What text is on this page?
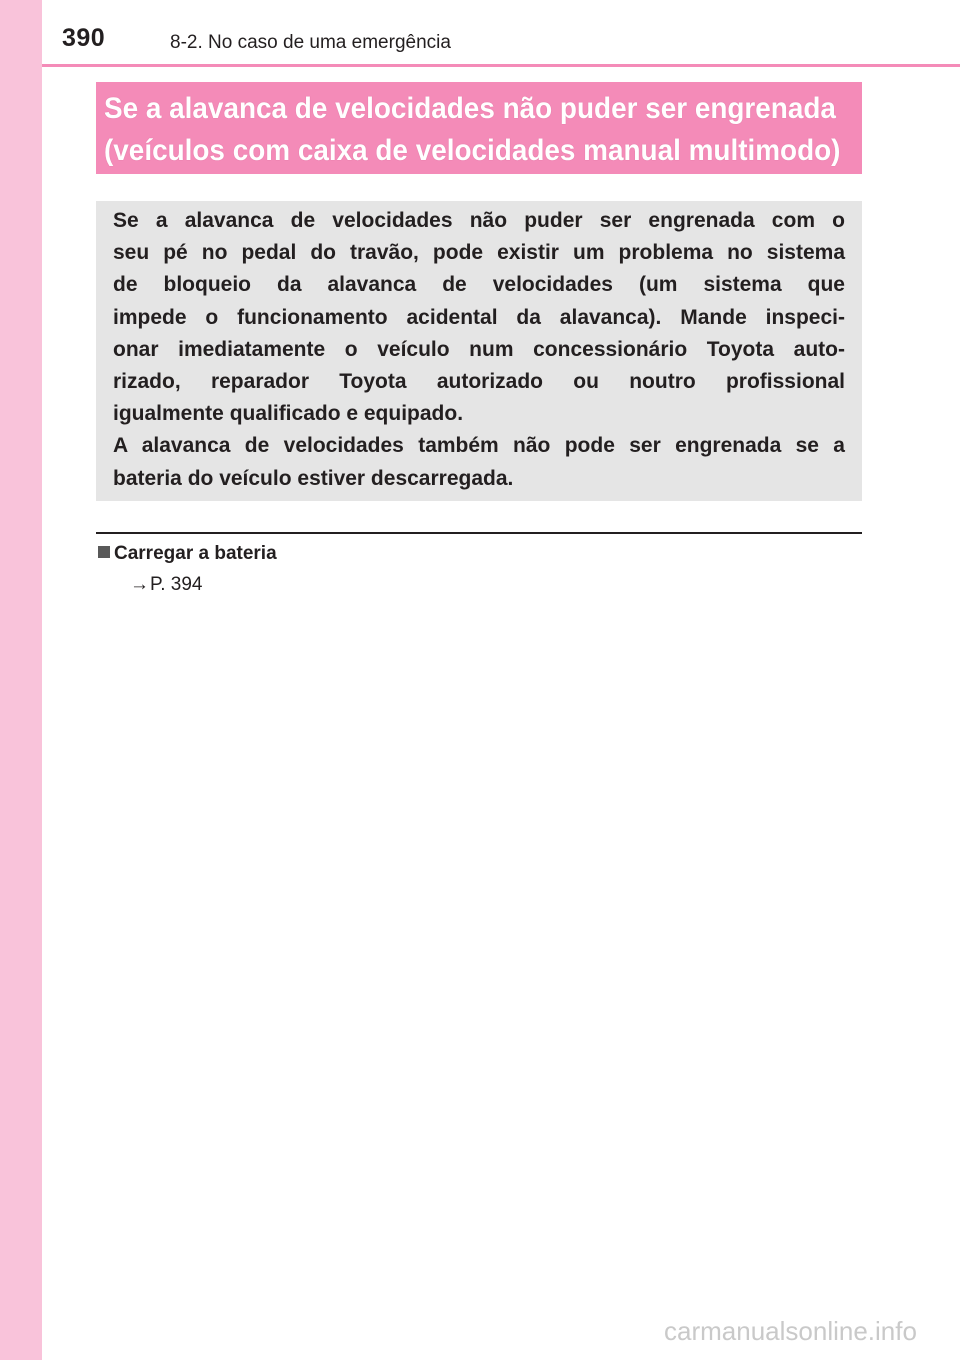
390	8-2. No caso de uma emergência
Se a alavanca de velocidades não puder ser engrenada
(veículos com caixa de velocidades manual multimodo)
Se a alavanca de velocidades não puder ser engrenada com o
seu pé no pedal do travão, pode existir um problema no sistema
de bloqueio da alavanca de velocidades (um sistema que
impede o funcionamento acidental da alavanca). Mande inspeci-
onar imediatamente o veículo num concessionário Toyota auto-
rizado, reparador Toyota autorizado ou noutro profissional
igualmente qualificado e equipado.
A alavanca de velocidades também não pode ser engrenada se a
bateria do veículo estiver descarregada.
Carregar a bateria
→P. 394
carmanualsonline.info
